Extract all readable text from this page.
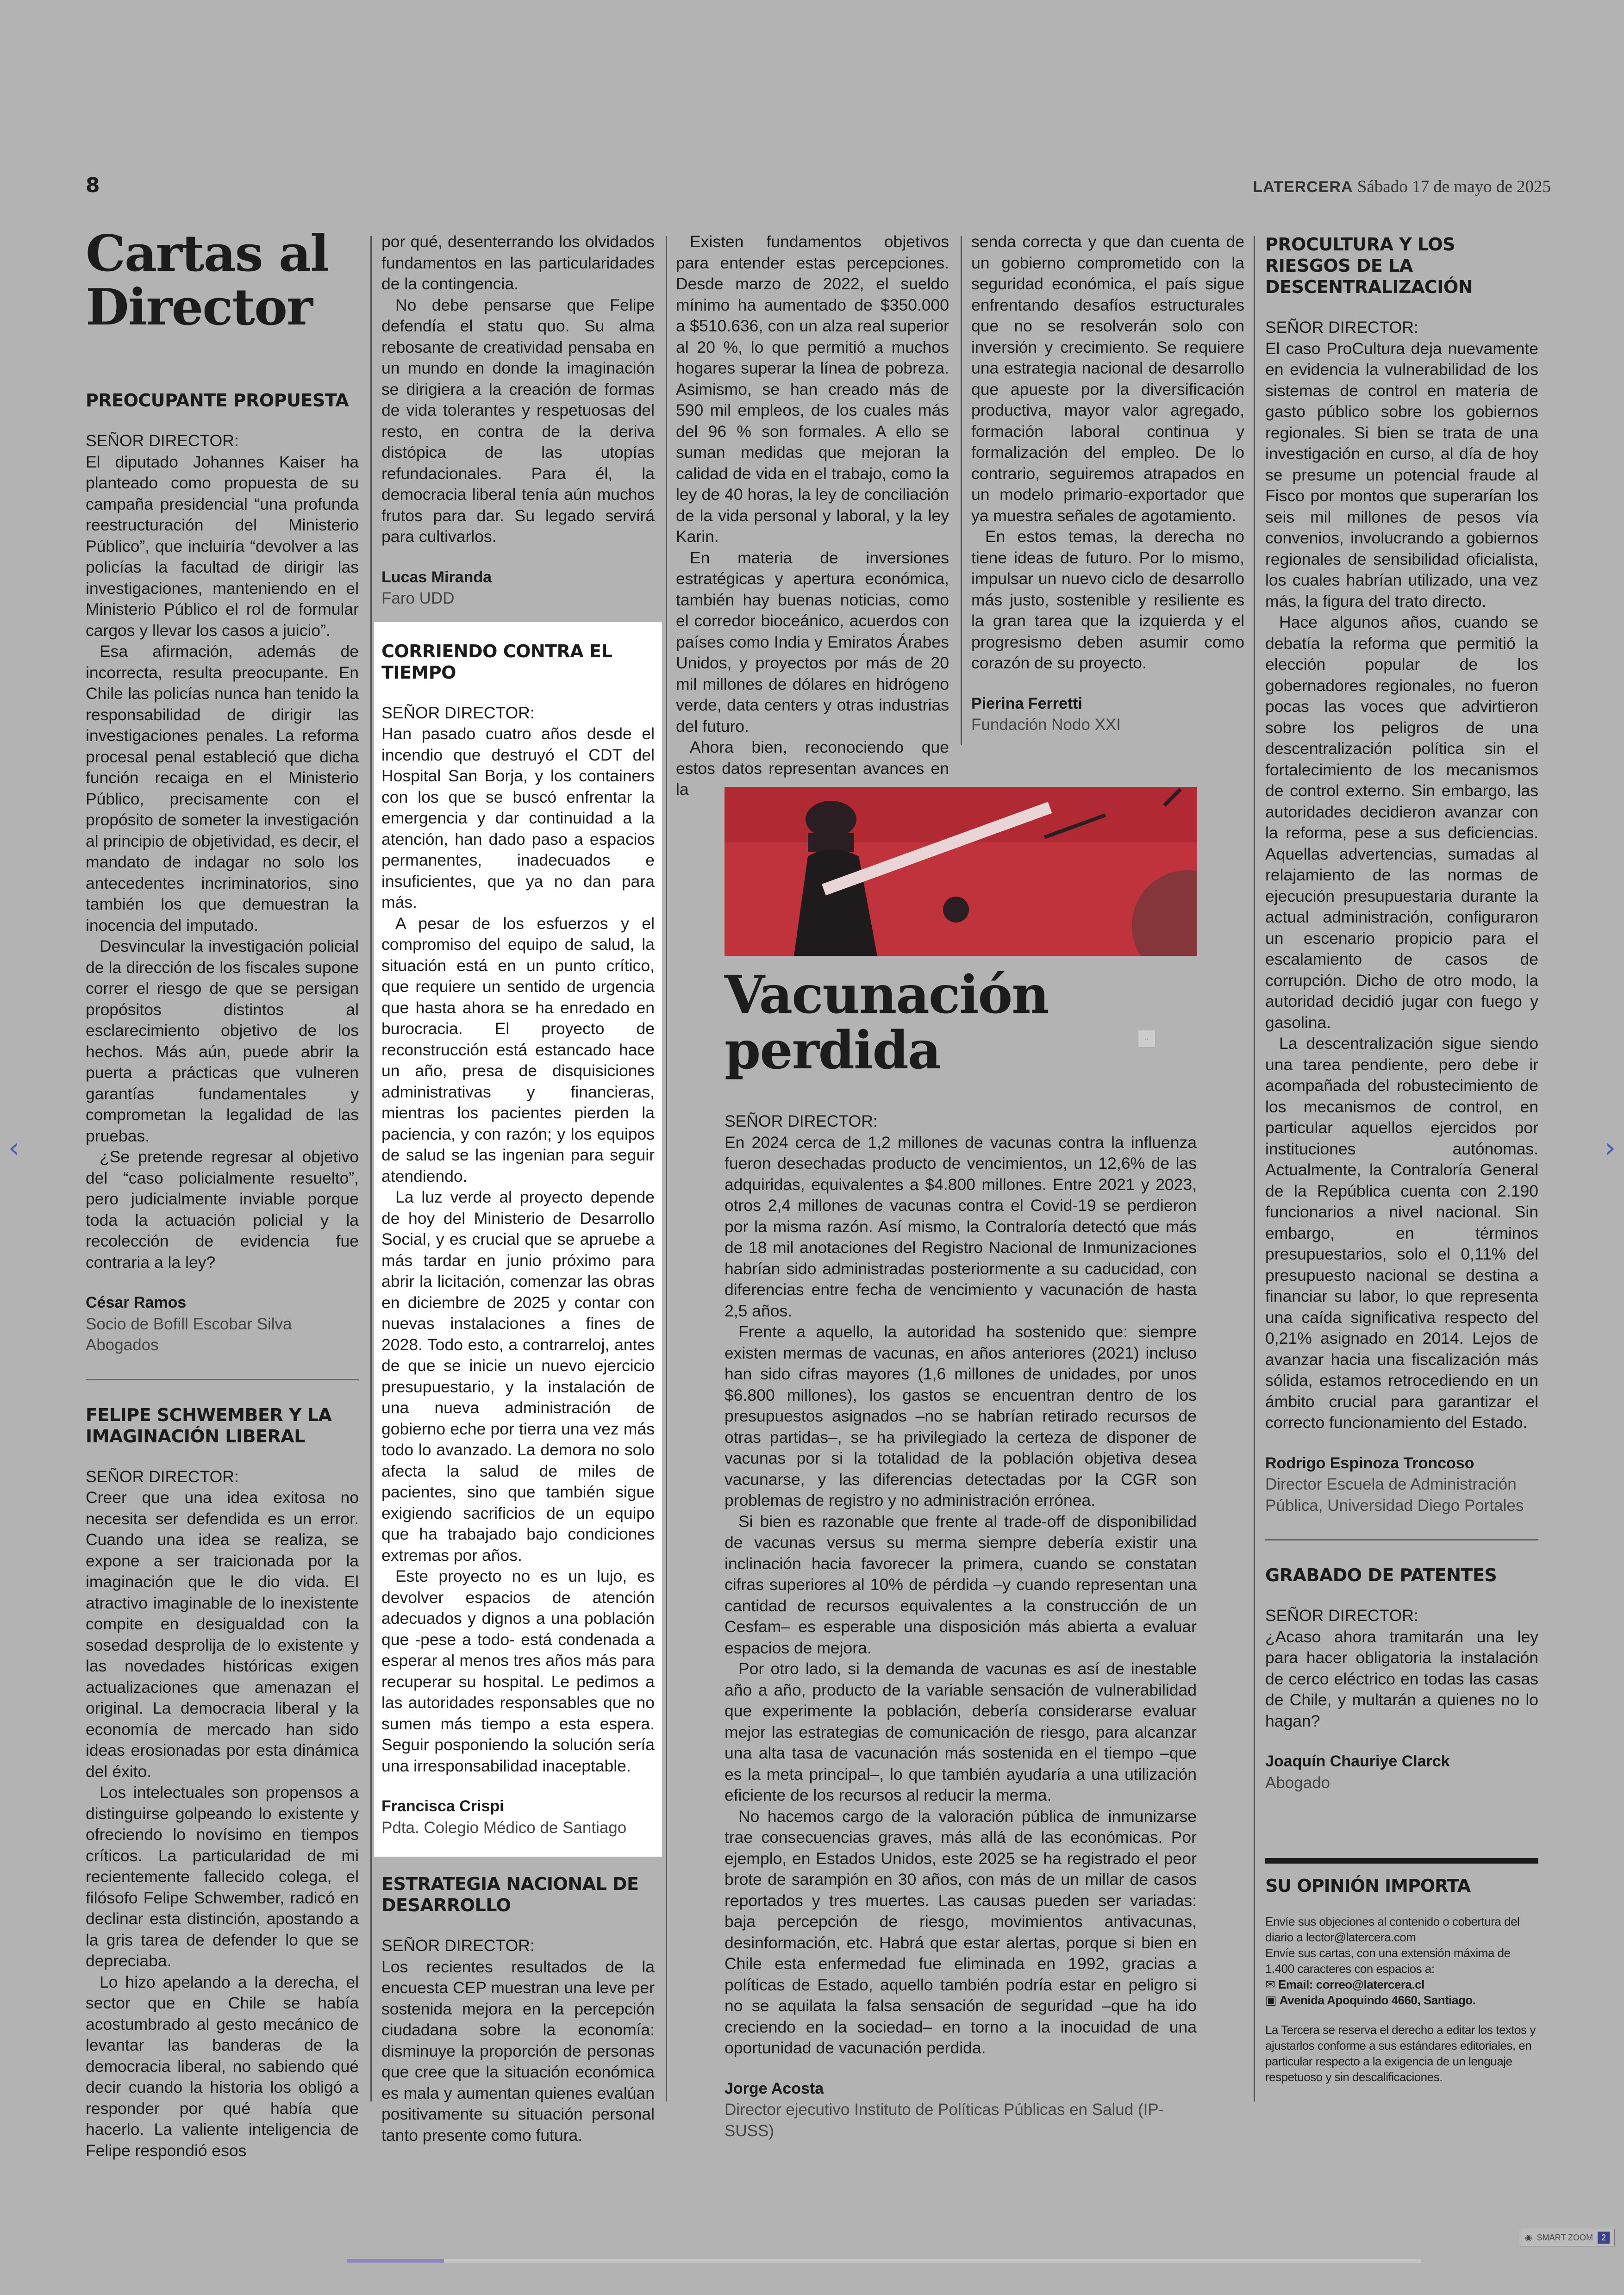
8	LATERCERA Sábado 17 de mayo de 2025
Cartas al Director
PREOCUPANTE PROPUESTA

SEÑOR DIRECTOR:

El diputado Johannes Kaiser ha planteado como propuesta de su campaña presidencial “una profunda reestructuración del Ministerio Público”, que incluiría “devolver a las policías la facultad de dirigir las investigaciones, manteniendo en el Ministerio Público el rol de formular cargos y llevar los casos a juicio”.

Esa afirmación, además de incorrecta, resulta preocupante. En Chile las policías nunca han tenido la responsabilidad de dirigir las investigaciones penales. La reforma procesal penal estableció que dicha función recaiga en el Ministerio Público, precisamente con el propósito de someter la investigación al principio de objetividad, es decir, el mandato de indagar no solo los antecedentes incriminatorios, sino también los que demuestran la inocencia del imputado.

Desvincular la investigación policial de la dirección de los fiscales supone correr el riesgo de que se persigan propósitos distintos al esclarecimiento objetivo de los hechos. Más aún, puede abrir la puerta a prácticas que vulneren garantías fundamentales y comprometan la legalidad de las pruebas.

¿Se pretende regresar al objetivo del “caso policialmente resuelto”, pero judicialmente inviable porque toda la actuación policial y la recolección de evidencia fue contraria a la ley?

César Ramos
Socio de Bofill Escobar Silva Abogados
FELIPE SCHWEMBER Y LA IMAGINACIÓN LIBERAL

SEÑOR DIRECTOR:

Creer que una idea exitosa no necesita ser defendida es un error. Cuando una idea se realiza, se expone a ser traicionada por la imaginación que le dio vida. El atractivo imaginable de lo inexistente compite en desigualdad con la sosedad desprolija de lo existente y las novedades históricas exigen actualizaciones que amenazan el original. La democracia liberal y la economía de mercado han sido ideas erosionadas por esta dinámica del éxito.

Los intelectuales son propensos a distinguirse golpeando lo existente y ofreciendo lo novísimo en tiempos críticos. La particularidad de mi recientemente fallecido colega, el filósofo Felipe Schwember, radicó en declinar esta distinción, apostando a la gris tarea de defender lo que se depreciaba.

Lo hizo apelando a la derecha, el sector que en Chile se había acostumbrado al gesto mecánico de levantar las banderas de la democracia liberal, no sabiendo qué decir cuando la historia los obligó a responder por qué había que hacerlo. La valiente inteligencia de Felipe respondió esos

por qué, desenterrando los olvidados fundamentos en las particularidades de la contingencia.

No debe pensarse que Felipe defendía el statu quo. Su alma rebosante de creatividad pensaba en un mundo en donde la imaginación se dirigiera a la creación de formas de vida tolerantes y respetuosas del resto, en contra de la deriva distópica de las utopías refundacionales. Para él, la democracia liberal tenía aún muchos frutos para dar. Su legado servirá para cultivarlos.

Lucas Miranda
Faro UDD
CORRIENDO CONTRA EL TIEMPO

SEÑOR DIRECTOR:

Han pasado cuatro años desde el incendio que destruyó el CDT del Hospital San Borja, y los containers con los que se buscó enfrentar la emergencia y dar continuidad a la atención, han dado paso a espacios permanentes, inadecuados e insuficientes, que ya no dan para más.

A pesar de los esfuerzos y el compromiso del equipo de salud, la situación está en un punto crítico, que requiere un sentido de urgencia que hasta ahora se ha enredado en burocracia. El proyecto de reconstrucción está estancado hace un año, presa de disquisiciones administrativas y financieras, mientras los pacientes pierden la paciencia, y con razón; y los equipos de salud se las ingenian para seguir atendiendo.

La luz verde al proyecto depende de hoy del Ministerio de Desarrollo Social, y es crucial que se apruebe a más tardar en junio próximo para abrir la licitación, comenzar las obras en diciembre de 2025 y contar con nuevas instalaciones a fines de 2028. Todo esto, a contrarreloj, antes de que se inicie un nuevo ejercicio presupuestario, y la instalación de una nueva administración de gobierno eche por tierra una vez más todo lo avanzado. La demora no solo afecta la salud de miles de pacientes, sino que también sigue exigiendo sacrificios de un equipo que ha trabajado bajo condiciones extremas por años.

Este proyecto no es un lujo, es devolver espacios de atención adecuados y dignos a una población que -pese a todo- está condenada a esperar al menos tres años más para recuperar su hospital. Le pedimos a las autoridades responsables que no sumen más tiempo a esta espera. Seguir posponiendo la solución sería una irresponsabilidad inaceptable.

Francisca Crispi
Pdta. Colegio Médico de Santiago
ESTRATEGIA NACIONAL DE DESARROLLO

SEÑOR DIRECTOR:

Los recientes resultados de la encuesta CEP muestran una leve per sostenida mejora en la percepción ciudadana sobre la economía: disminuye la proporción de personas que cree que la situación económica es mala y aumentan quienes evalúan positivamente su situación personal tanto presente como futura.

Existen fundamentos objetivos para entender estas percepciones. Desde marzo de 2022, el sueldo mínimo ha aumentado de $350.000 a $510.636, con un alza real superior al 20 %, lo que permitió a muchos hogares superar la línea de pobreza. Asimismo, se han creado más de 590 mil empleos, de los cuales más del 96 % son formales. A ello se suman medidas que mejoran la calidad de vida en el trabajo, como la ley de 40 horas, la ley de conciliación de la vida personal y laboral, y la ley Karin.

En materia de inversiones estratégicas y apertura económica, también hay buenas noticias, como el corredor bioceánico, acuerdos con países como India y Emiratos Árabes Unidos, y proyectos por más de 20 mil millones de dólares en hidrógeno verde, data centers y otras industrias del futuro.

Ahora bien, reconociendo que estos datos representan avances en la

senda correcta y que dan cuenta de un gobierno comprometido con la seguridad económica, el país sigue enfrentando desafíos estructurales que no se resolverán solo con inversión y crecimiento. Se requiere una estrategia nacional de desarrollo que apueste por la diversificación productiva, mayor valor agregado, formación laboral continua y formalización del empleo. De lo contrario, seguiremos atrapados en un modelo primario-exportador que ya muestra señales de agotamiento.

En estos temas, la derecha no tiene ideas de futuro. Por lo mismo, impulsar un nuevo ciclo de desarrollo más justo, sostenible y resiliente es la gran tarea que la izquierda y el progresismo deben asumir como corazón de su proyecto.

Pierina Ferretti
Fundación Nodo XXI
Vacunación perdida	▫

SEÑOR DIRECTOR:

En 2024 cerca de 1,2 millones de vacunas contra la influenza fueron desechadas producto de vencimientos, un 12,6% de las adquiridas, equivalentes a $4.800 millones. Entre 2021 y 2023, otros 2,4 millones de vacunas contra el Covid-19 se perdieron por la misma razón. Así mismo, la Contraloría detectó que más de 18 mil anotaciones del Registro Nacional de Inmunizaciones habrían sido administradas posteriormente a su caducidad, con diferencias entre fecha de vencimiento y vacunación de hasta 2,5 años.

Frente a aquello, la autoridad ha sostenido que: siempre existen mermas de vacunas, en años anteriores (2021) incluso han sido cifras mayores (1,6 millones de unidades, por unos $6.800 millones), los gastos se encuentran dentro de los presupuestos asignados –no se habrían retirado recursos de otras partidas–, se ha privilegiado la certeza de disponer de vacunas por si la totalidad de la población objetiva desea vacunarse, y las diferencias detectadas por la CGR son problemas de registro y no administración errónea.

Si bien es razonable que frente al trade-off de disponibilidad de vacunas versus su merma siempre debería existir una inclinación hacia favorecer la primera, cuando se constatan cifras superiores al 10% de pérdida –y cuando representan una cantidad de recursos equivalentes a la construcción de un Cesfam– es esperable una disposición más abierta a evaluar espacios de mejora.

Por otro lado, si la demanda de vacunas es así de inestable año a año, producto de la variable sensación de vulnerabilidad que experimente la población, debería considerarse evaluar mejor las estrategias de comunicación de riesgo, para alcanzar una alta tasa de vacunación más sostenida en el tiempo –que es la meta principal–, lo que también ayudaría a una utilización eficiente de los recursos al reducir la merma.

No hacemos cargo de la valoración pública de inmunizarse trae consecuencias graves, más allá de las económicas. Por ejemplo, en Estados Unidos, este 2025 se ha registrado el peor brote de sarampión en 30 años, con más de un millar de casos reportados y tres muertes. Las causas pueden ser variadas: baja percepción de riesgo, movimientos antivacunas, desinformación, etc. Habrá que estar alertas, porque si bien en Chile esta enfermedad fue eliminada en 1992, gracias a políticas de Estado, aquello también podría estar en peligro si no se aquilata la falsa sensación de seguridad –que ha ido creciendo en la sociedad– en torno a la inocuidad de una oportunidad de vacunación perdida.

Jorge Acosta
Director ejecutivo Instituto de Políticas Públicas en Salud (IP-SUSS)
PROCULTURA Y LOS RIESGOS DE LA DESCENTRALIZACIÓN

SEÑOR DIRECTOR:

El caso ProCultura deja nuevamente en evidencia la vulnerabilidad de los sistemas de control en materia de gasto público sobre los gobiernos regionales. Si bien se trata de una investigación en curso, al día de hoy se presume un potencial fraude al Fisco por montos que superarían los seis mil millones de pesos vía convenios, involucrando a gobiernos regionales de sensibilidad oficialista, los cuales habrían utilizado, una vez más, la figura del trato directo.

Hace algunos años, cuando se debatía la reforma que permitió la elección popular de los gobernadores regionales, no fueron pocas las voces que advirtieron sobre los peligros de una descentralización política sin el fortalecimiento de los mecanismos de control externo. Sin embargo, las autoridades decidieron avanzar con la reforma, pese a sus deficiencias. Aquellas advertencias, sumadas al relajamiento de las normas de ejecución presupuestaria durante la actual administración, configuraron un escenario propicio para el escalamiento de casos de corrupción. Dicho de otro modo, la autoridad decidió jugar con fuego y gasolina.

La descentralización sigue siendo una tarea pendiente, pero debe ir acompañada del robustecimiento de los mecanismos de control, en particular aquellos ejercidos por instituciones autónomas. Actualmente, la Contraloría General de la República cuenta con 2.190 funcionarios a nivel nacional. Sin embargo, en términos presupuestarios, solo el 0,11% del presupuesto nacional se destina a financiar su labor, lo que representa una caída significativa respecto del 0,21% asignado en 2014. Lejos de avanzar hacia una fiscalización más sólida, estamos retrocediendo en un ámbito crucial para garantizar el correcto funcionamiento del Estado.

Rodrigo Espinoza Troncoso
Director Escuela de Administración Pública, Universidad Diego Portales
GRABADO DE PATENTES

SEÑOR DIRECTOR:

¿Acaso ahora tramitarán una ley para hacer obligatoria la instalación de cerco eléctrico en todas las casas de Chile, y multarán a quienes no lo hagan?

Joaquín Chauriye Clarck
Abogado
SU OPINIÓN IMPORTA

Envíe sus objeciones al contenido o cobertura del diario a lector@latercera.com

Envíe sus cartas, con una extensión máxima de 1.400 caracteres con espacios a:

✉ Email: correo@latercera.cl

▣ Avenida Apoquindo 4660, Santiago.

La Tercera se reserva el derecho a editar los textos y ajustarlos conforme a sus estándares editoriales, en particular respecto a la exigencia de un lenguaje respetuoso y sin descalificaciones.

‹	›
◉ SMART ZOOM	2
